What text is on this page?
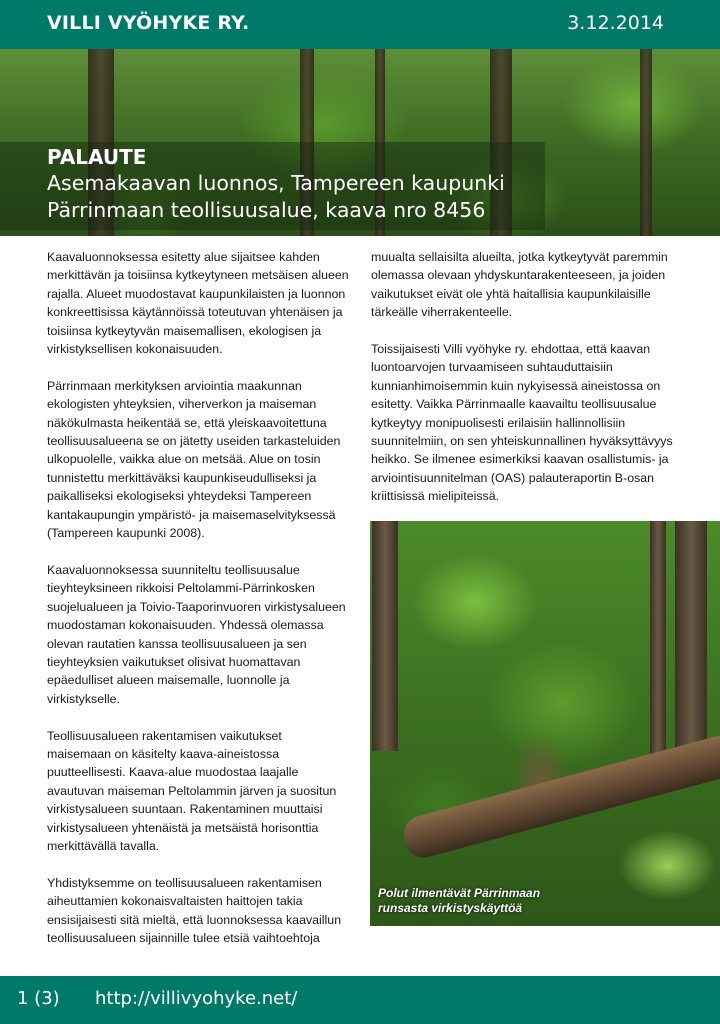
VILLI VYÖHYKE RY.	3.12.2014
PALAUTE
Asemakaavan luonnos, Tampereen kaupunki
Pärrinmaan teollisuusalue, kaava nro 8456

Kaavaluonnoksessa esitetty alue sijaitsee kahden merkittävän ja toisiinsa kytkeytyneen metsäisen alueen rajalla. Alueet muodostavat kaupunkilaisten ja luonnon konkreettisissa käytännöissä toteutuvan yhtenäisen ja toisiinsa kytkeytyvän maisemallisen, ekologisen ja virkistyksellisen kokonaisuuden.

Pärrinmaan merkityksen arviointia maakunnan ekologisten yhteyksien, viherverkon ja maiseman näkökulmasta heikentää se, että yleiskaavoitettuna teollisuusalueena se on jätetty useiden tarkasteluiden ulkopuolelle, vaikka alue on metsää. Alue on tosin tunnistettu merkittäväksi kaupunkiseudulliseksi ja paikalliseksi ekologiseksi yhteydeksi Tampereen kantakaupungin ympäristö- ja maisemaselvityksessä (Tampereen kaupunki 2008).

Kaavaluonnoksessa suunniteltu teollisuusalue tieyhteyksineen rikkoisi Peltolammi-Pärrinkosken suojelualueen ja Toivio-Taaporinvuoren virkistysalueen muodostaman kokonaisuuden. Yhdessä olemassa olevan rautatien kanssa teollisuusalueen ja sen tieyhteyksien vaikutukset olisivat huomattavan epäedulliset alueen maisemalle, luonnolle ja virkistykselle.

Teollisuusalueen rakentamisen vaikutukset maisemaan on käsitelty kaava-aineistossa puutteellisesti. Kaava-alue muodostaa laajalle avautuvan maiseman Peltolammin järven ja suositun virkistysalueen suuntaan. Rakentaminen muuttaisi virkistysalueen yhtenäistä ja metsäistä horisonttia merkittävällä tavalla.

Yhdistyksemme on teollisuusalueen rakentamisen aiheuttamien kokonaisvaltaisten haittojen takia ensisijaisesti sitä mieltä, että luonnoksessa kaavaillun teollisuusalueen sijainnille tulee etsiä vaihtoehtoja

muualta sellaisilta alueilta, jotka kytkeytyvät paremmin olemassa olevaan yhdyskuntarakenteeseen, ja joiden vaikutukset eivät ole yhtä haitallisia kaupunkilaisille tärkeälle viherrakenteelle.

Toissijaisesti Villi vyöhyke ry. ehdottaa, että kaavan luontoarvojen turvaamiseen suhtauduttaisiin kunnianhimoisemmin kuin nykyisessä aineistossa on esitetty. Vaikka Pärrinmaalle kaavailtu teollisuusalue kytkeytyy monipuolisesti erilaisiin hallinnollisiin suunnitelmiin, on sen yhteiskunnallinen hyväksyttävyys heikko. Se ilmenee esimerkiksi kaavan osallistumis- ja arviointisuunnitelman (OAS) palauteraportin B-osan kriittisissä mielipiteissä.

Polut ilmentävät Pärrinmaan
runsasta virkistyskäyttöä
1 (3) http://villivyohyke.net/
